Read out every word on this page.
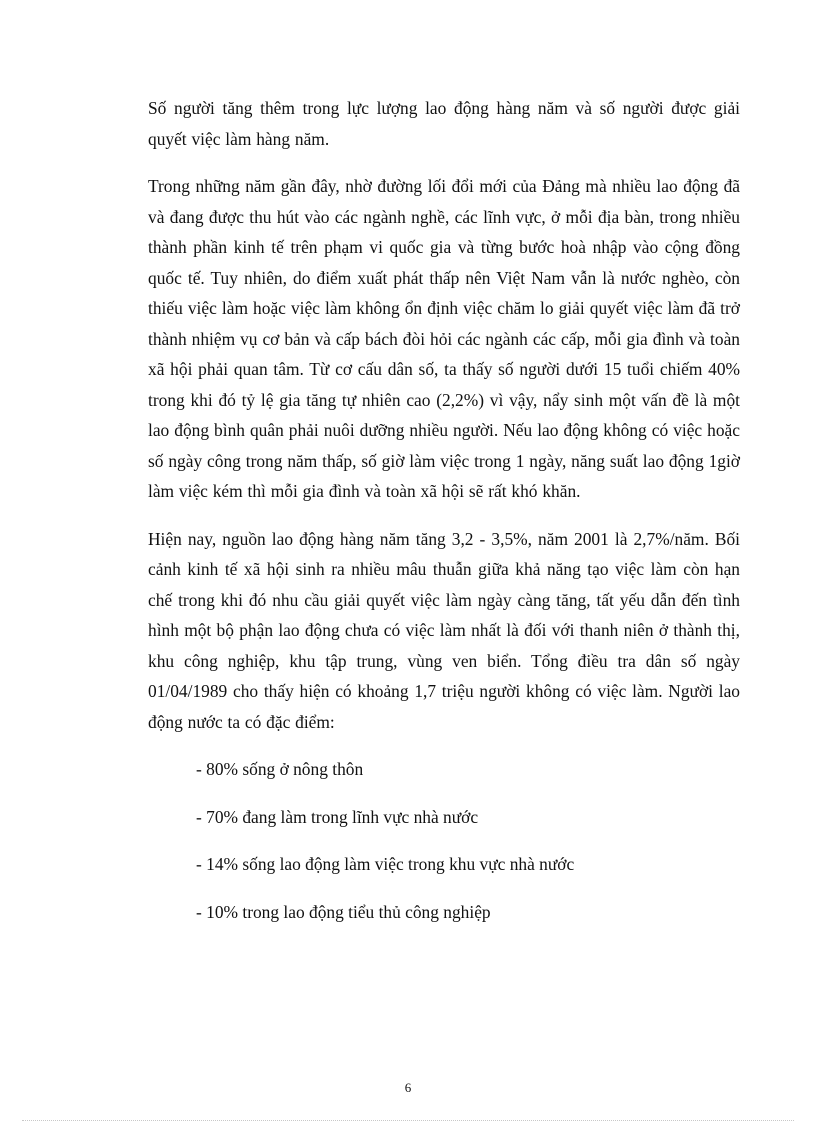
Số người tăng thêm trong lực lượng lao động hàng năm và số người được giải quyết việc làm hàng năm.

Trong những năm gần đây, nhờ đường lối đổi mới của Đảng mà nhiều lao động đã và đang được thu hút vào các ngành nghề, các lĩnh vực, ở mỗi địa bàn, trong nhiều thành phần kinh tế trên phạm vi quốc gia và từng bước hoà nhập vào cộng đồng quốc tế. Tuy nhiên, do điểm xuất phát thấp nên Việt Nam vẫn là nước nghèo, còn thiếu việc làm hoặc việc làm không ổn định việc chăm lo giải quyết việc làm đã trở thành nhiệm vụ cơ bản và cấp bách đòi hỏi các ngành các cấp, mỗi gia đình và toàn xã hội phải quan tâm. Từ cơ cấu dân số, ta thấy số người dưới 15 tuổi chiếm 40% trong khi đó tỷ lệ gia tăng tự nhiên cao (2,2%) vì vậy, nẩy sinh một vấn đề là một lao động bình quân phải nuôi dưỡng nhiều người. Nếu lao động không có việc hoặc số ngày công trong năm thấp, số giờ làm việc trong 1 ngày, năng suất lao động 1giờ làm việc kém thì mỗi gia đình và toàn xã hội sẽ rất khó khăn.

Hiện nay, nguồn lao động hàng năm tăng 3,2 - 3,5%, năm 2001 là 2,7%/năm. Bối cảnh kinh tế xã hội sinh ra nhiều mâu thuẫn giữa khả năng tạo việc làm còn hạn chế trong khi đó nhu cầu giải quyết việc làm ngày càng tăng, tất yếu dẫn đến tình hình một bộ phận lao động chưa có việc làm nhất là đối với thanh niên ở thành thị, khu công nghiệp, khu tập trung, vùng ven biển. Tổng điều tra dân số ngày 01/04/1989 cho thấy hiện có khoảng 1,7 triệu người không có việc làm. Người lao động nước ta có đặc điểm:

- 80% sống ở nông thôn
- 70% đang làm trong lĩnh vực nhà nước
- 14% sống lao động làm việc trong khu vực nhà nước
- 10% trong lao động tiểu thủ công nghiệp
6
